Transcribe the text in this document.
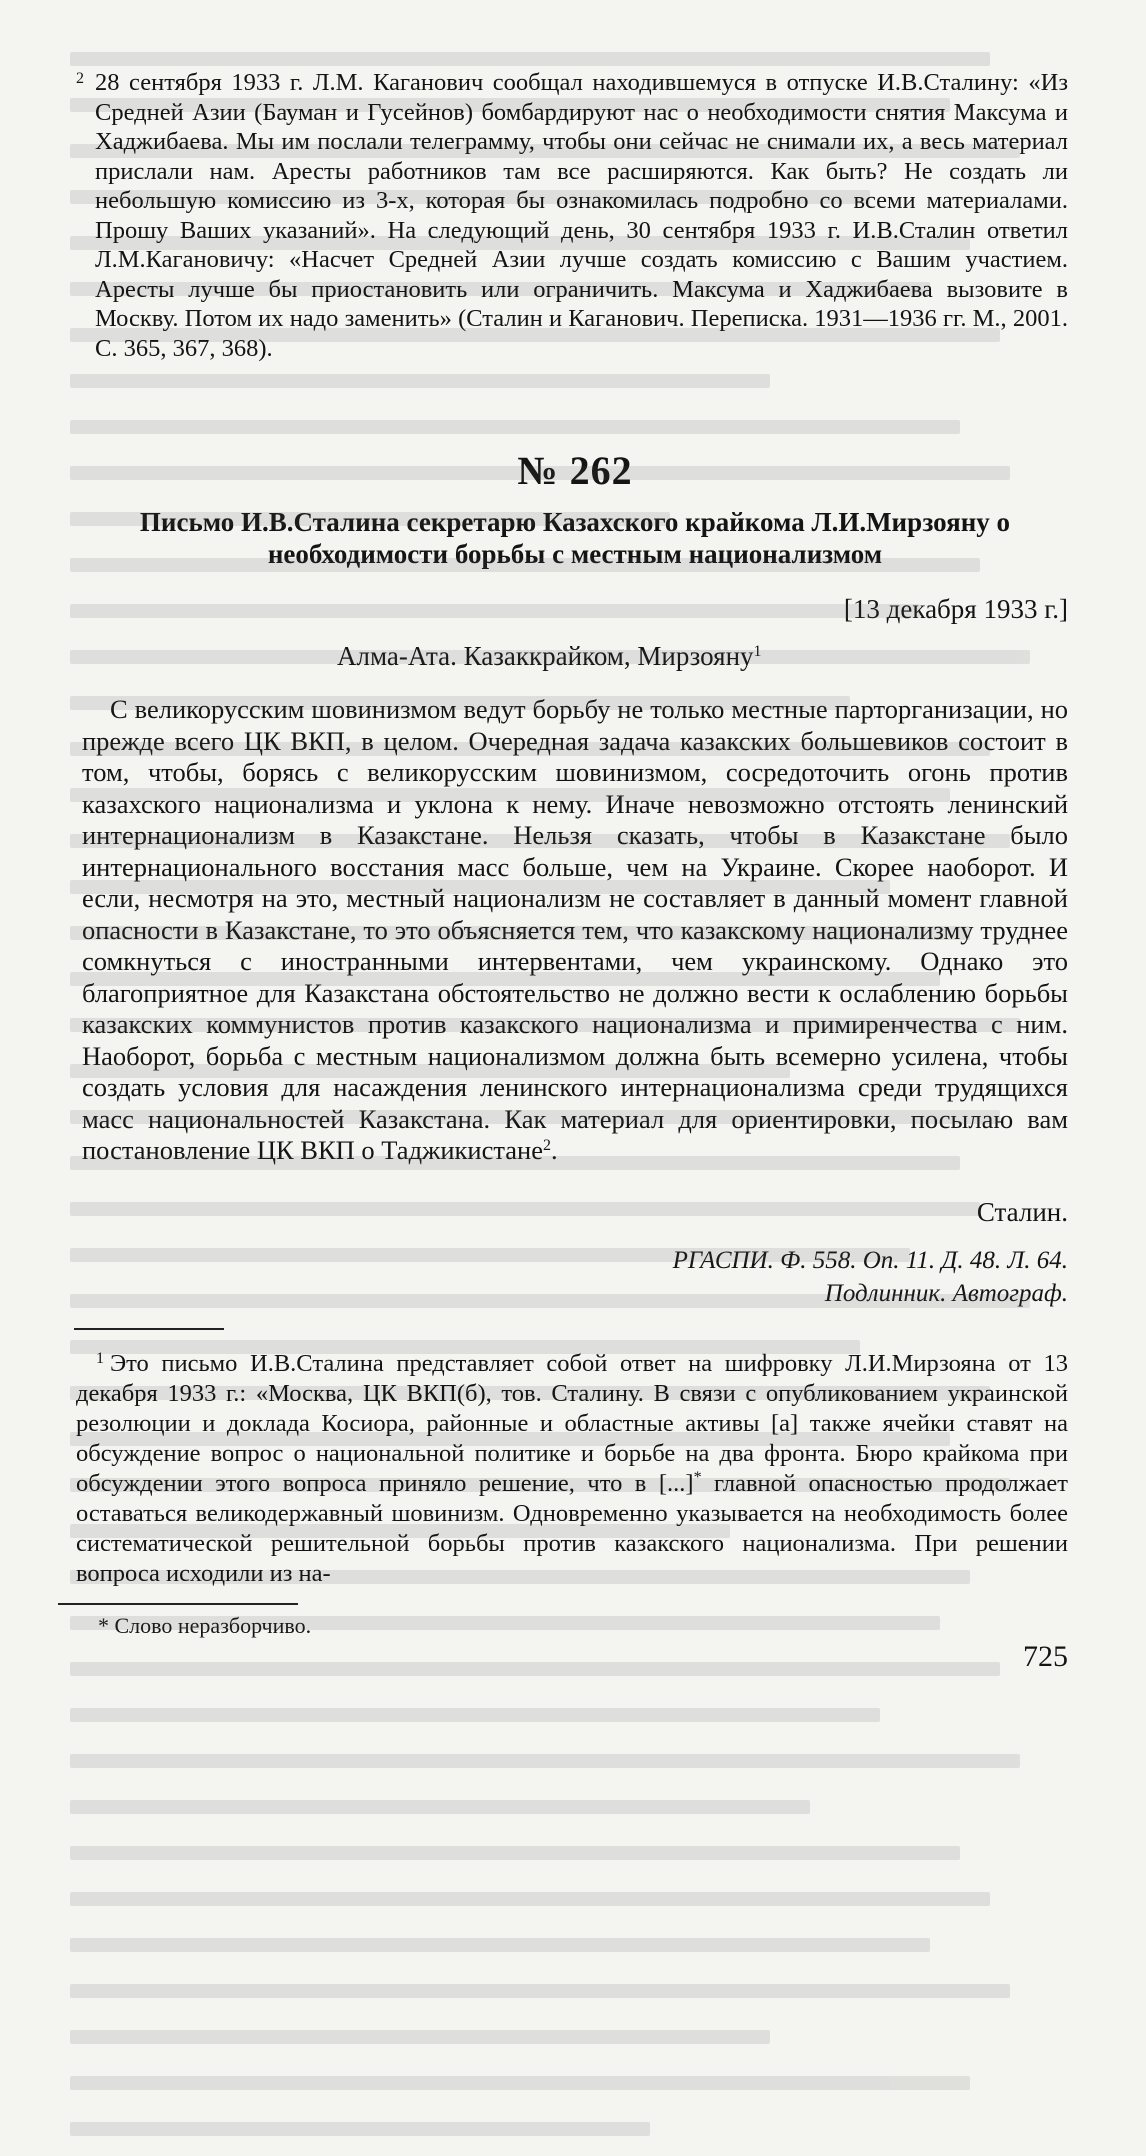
2 28 сентября 1933 г. Л.М. Каганович сообщал находившемуся в отпуске И.В.Сталину: «Из Средней Азии (Бауман и Гусейнов) бомбардируют нас о необходимости снятия Максума и Хаджибаева. Мы им послали телеграмму, чтобы они сейчас не снимали их, а весь материал прислали нам. Аресты работников там все расширяются. Как быть? Не создать ли небольшую комиссию из 3-х, которая бы ознакомилась подробно со всеми материалами. Прошу Ваших указаний». На следующий день, 30 сентября 1933 г. И.В.Сталин ответил Л.М.Кагановичу: «Насчет Средней Азии лучше создать комиссию с Вашим участием. Аресты лучше бы приостановить или ограничить. Максума и Хаджибаева вызовите в Москву. Потом их надо заменить» (Сталин и Каганович. Переписка. 1931—1936 гг. М., 2001. С. 365, 367, 368).

№ 262

Письмо И.В.Сталина секретарю Казахского крайкома Л.И.Мирзояну о необходимости борьбы с местным национализмом

[13 декабря 1933 г.]

Алма-Ата. Казаккрайком, Мирзояну$^1$

С великорусским шовинизмом ведут борьбу не только местные парторганизации, но прежде всего ЦК ВКП, в целом. Очередная задача казакских большевиков состоит в том, чтобы, борясь с великорусским шовинизмом, сосредоточить огонь против казахского национализма и уклона к нему. Иначе невозможно отстоять ленинский интернационализм в Казакстане. Нельзя сказать, чтобы в Казакстане было интернационального восстания масс больше, чем на Украине. Скорее наоборот. И если, несмотря на это, местный национализм не составляет в данный момент главной опасности в Казакстане, то это объясняется тем, что казакскому национализму труднее сомкнуться с иностранными интервентами, чем украинскому. Однако это благоприятное для Казакстана обстоятельство не должно вести к ослаблению борьбы казакских коммунистов против казакского национализма и примиренчества с ним. Наоборот, борьба с местным национализмом должна быть всемерно усилена, чтобы создать условия для насаждения ленинского интернационализма среди трудящихся масс национальностей Казакстана. Как материал для ориентировки, посылаю вам постановление ЦК ВКП о Таджикистане$^2$.

Сталин.

РГАСПИ. Ф. 558. Оп. 11. Д. 48. Л. 64.
Подлинник. Автограф.

$^1$ Это письмо И.В.Сталина представляет собой ответ на шифровку Л.И.Мирзояна от 13 декабря 1933 г.: «Москва, ЦК ВКП(б), тов. Сталину. В связи с опубликованием украинской резолюции и доклада Косиора, районные и областные активы [а] также ячейки ставят на обсуждение вопрос о национальной политике и борьбе на два фронта. Бюро крайкома при обсуждении этого вопроса приняло решение, что в [...]* главной опасностью продолжает оставаться великодержавный шовинизм. Одновременно указывается на необходимость более систематической решительной борьбы против казакского национализма. При решении вопроса исходили из на-

* Слово неразборчиво.

725
